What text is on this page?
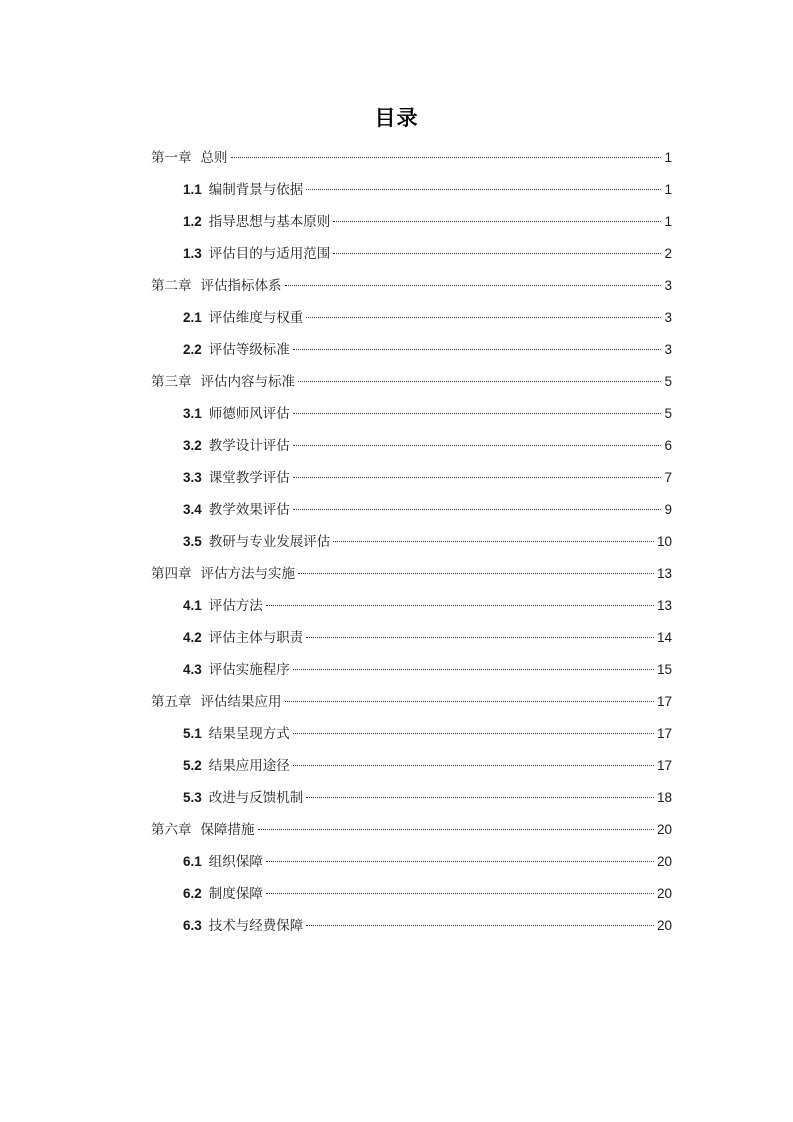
目录
第一章 总则	1
1.1 编制背景与依据	1
1.2 指导思想与基本原则	1
1.3 评估目的与适用范围	2
第二章 评估指标体系	3
2.1 评估维度与权重	3
2.2 评估等级标准	3
第三章 评估内容与标准	5
3.1 师德师风评估	5
3.2 教学设计评估	6
3.3 课堂教学评估	7
3.4 教学效果评估	9
3.5 教研与专业发展评估	10
第四章 评估方法与实施	13
4.1 评估方法	13
4.2 评估主体与职责	14
4.3 评估实施程序	15
第五章 评估结果应用	17
5.1 结果呈现方式	17
5.2 结果应用途径	17
5.3 改进与反馈机制	18
第六章 保障措施	20
6.1 组织保障	20
6.2 制度保障	20
6.3 技术与经费保障	20
